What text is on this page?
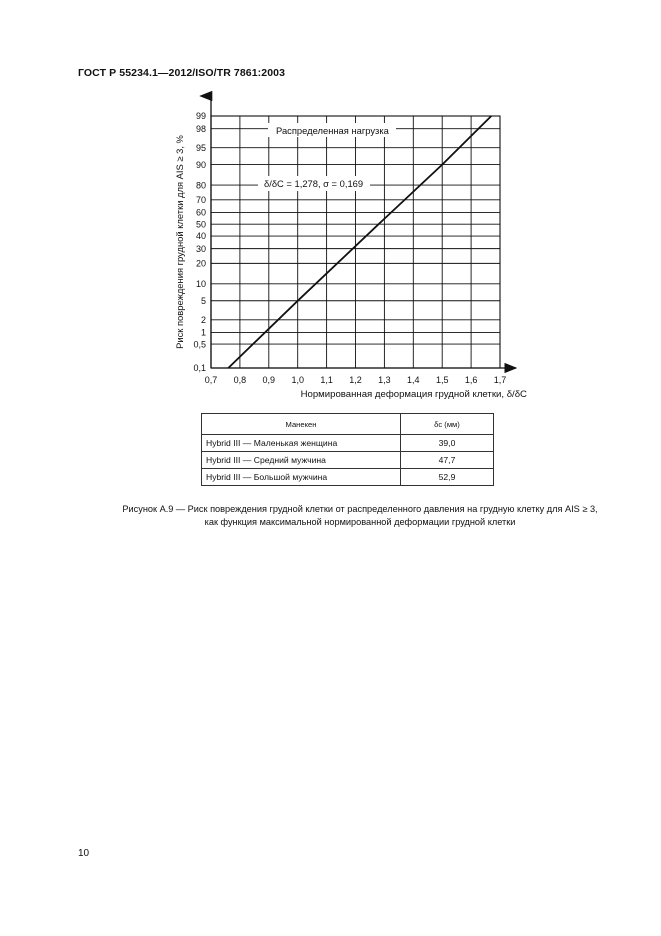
ГОСТ Р 55234.1—2012/ISO/TR 7861:2003
0,1
0,5
1
2
5
10
20
30
40
50
60
70
80
90
95
98
99
0,7 0,8 0,9 1,0 1,1 1,2 1,3 1,4 1,5 1,6 1,7
Распределенная нагрузка
δ/δC = 1,278, σ = 0,169
Нормированная деформация грудной клетки, δ/δC
Риск повреждения грудной клетки для AIS ≥ 3, %
Манекен	δc (мм)
Hybrid III — Маленькая женщина	39,0
Hybrid III — Средний мужчина	47,7
Hybrid III — Большой мужчина	52,9
Рисунок A.9 — Риск повреждения грудной клетки от распределенного давления на грудную клетку для AIS ≥ 3,
как функция максимальной нормированной деформации грудной клетки
10
